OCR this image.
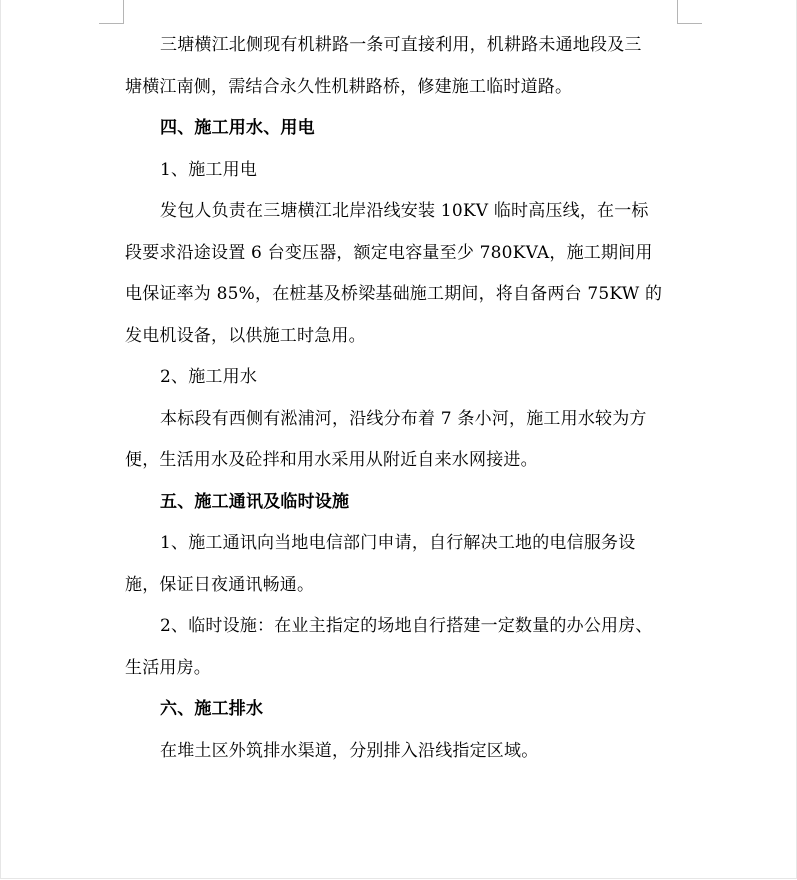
三塘横江北侧现有机耕路一条可直接利用，机耕路未通地段及三

塘横江南侧，需结合永久性机耕路桥，修建施工临时道路。

四、施工用水、用电

1、施工用电

发包人负责在三塘横江北岸沿线安装 10KV 临时高压线，在一标

段要求沿途设置 6 台变压器，额定电容量至少 780KVA，施工期间用

电保证率为 85%，在桩基及桥梁基础施工期间，将自备两台 75KW 的

发电机设备，以供施工时急用。

2、施工用水

本标段有西侧有淞浦河，沿线分布着 7 条小河，施工用水较为方

便，生活用水及砼拌和用水采用从附近自来水网接进。

五、施工通讯及临时设施

1、施工通讯向当地电信部门申请，自行解决工地的电信服务设

施，保证日夜通讯畅通。

2、临时设施：在业主指定的场地自行搭建一定数量的办公用房、

生活用房。

六、施工排水

在堆土区外筑排水渠道，分别排入沿线指定区域。
